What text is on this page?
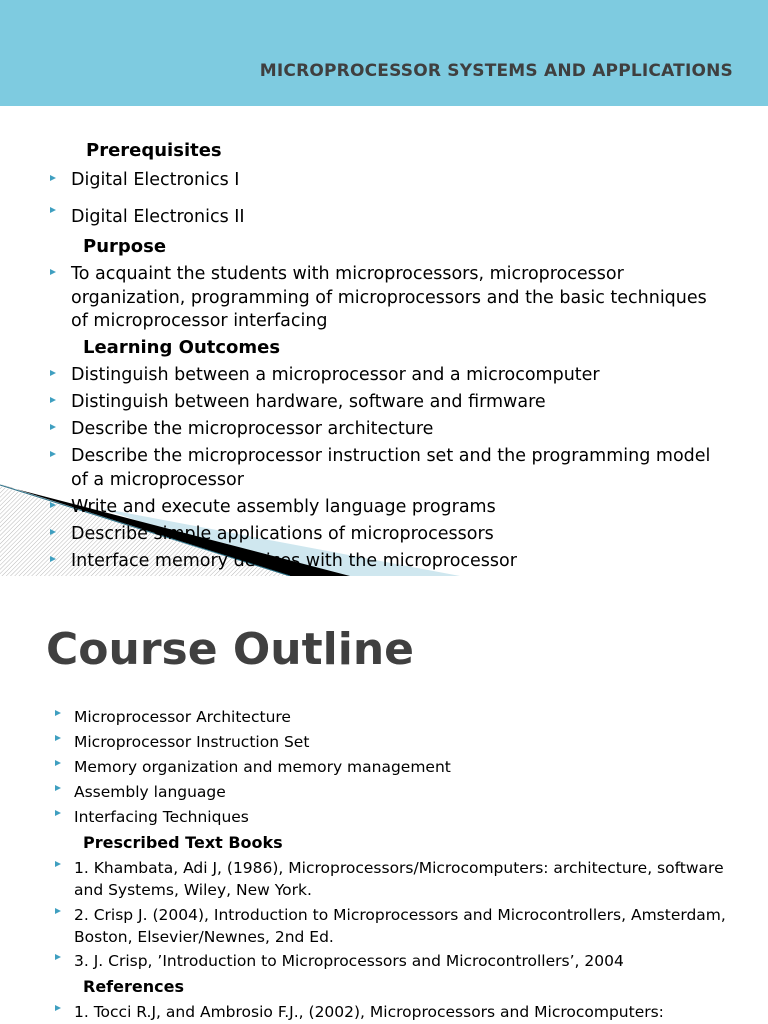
MICROPROCESSOR SYSTEMS AND APPLICATIONS
Prerequisites
Digital Electronics I
Digital Electronics II
Purpose
To acquaint the students with microprocessors, microprocessor organization, programming of microprocessors and the basic techniques of microprocessor interfacing
Learning Outcomes
Distinguish between a microprocessor and a microcomputer
Distinguish between hardware, software and firmware
Describe the microprocessor architecture
Describe the microprocessor instruction set and the programming model of a microprocessor
Write and execute assembly language programs
Describe simple applications of microprocessors
Interface memory devices with the microprocessor
Course Outline
Microprocessor Architecture
Microprocessor Instruction Set
Memory organization and memory management
Assembly language
Interfacing Techniques
Prescribed Text Books
1. Khambata, Adi J, (1986), Microprocessors/Microcomputers: architecture, software and Systems, Wiley, New York.
2. Crisp J. (2004), Introduction to Microprocessors and Microcontrollers, Amsterdam, Boston, Elsevier/Newnes, 2nd Ed.
3. J. Crisp, ’Introduction to Microprocessors and Microcontrollers’, 2004
References
1. Tocci R.J, and Ambrosio F.J., (2002), Microprocessors and Microcomputers:
